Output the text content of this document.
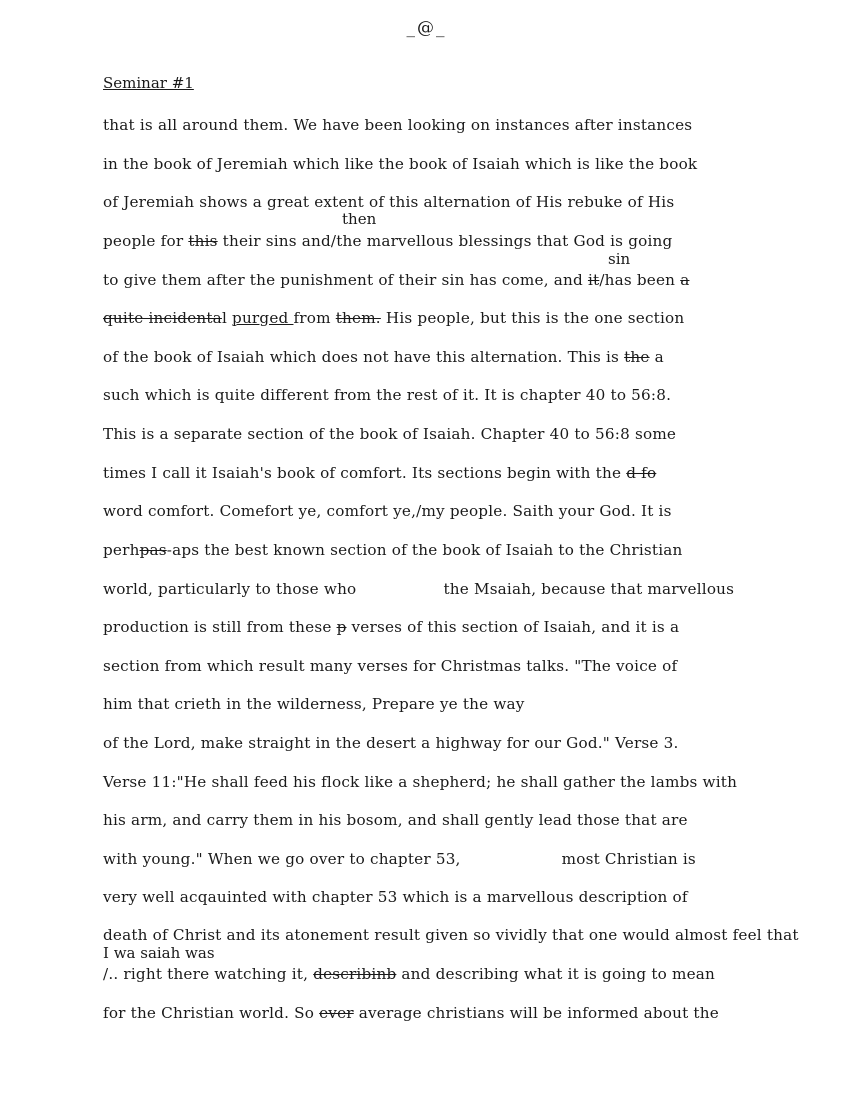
_@_
Seminar #1
that is all around them. We have been looking on instances after instances
in the book of Jeremiah which like the book of Isaiah which is like the book
of Jeremiah shows a great extent of this alternation of His rebuke of His
people for this their sins and/the marvellous blessings that God is going
to give them after the punishment of their sin has come, and it/has been a
quite incidental purged from them. His people, but this is the one section
of the book of Isaiah which does not have this alternation. This is the a
such which is quite different from the rest of it. It is chapter 40 to 56:8.
This is a separate section of the book of Isaiah. Chapter 40 to 56:8 some
times I call it Isaiah's book of comfort. Its sections begin with the d fo
word comfort. Comefort ye, comfort ye,/my people. Saith your God. It is
perhpas-aps the best known section of the book of Isaiah to the Christian
world, particularly to those who	the Msaiah, because that marvellous
production is still from these p verses of this section of Isaiah, and it is a
section from which result many verses for Christmas talks. "The voice of
him that crieth in the wilderness, Prepare ye the way
of the Lord, make straight in the desert a highway for our God." Verse 3.
Verse 11:"He shall feed his flock like a shepherd; he shall gather the lambs with
his arm, and carry them in his bosom, and shall gently lead those that are
with young." When we go over to chapter 53,	most Christian is
very well acqauinted with chapter 53 which is a marvellous description of
death of Christ and its atonement result given so vividly that one would almost feel that
/.. right there watching it, describinb and describing what it is going to mean
for the Christian world. So ever average christians will be informed about the
then
sin
I wa saiah was
